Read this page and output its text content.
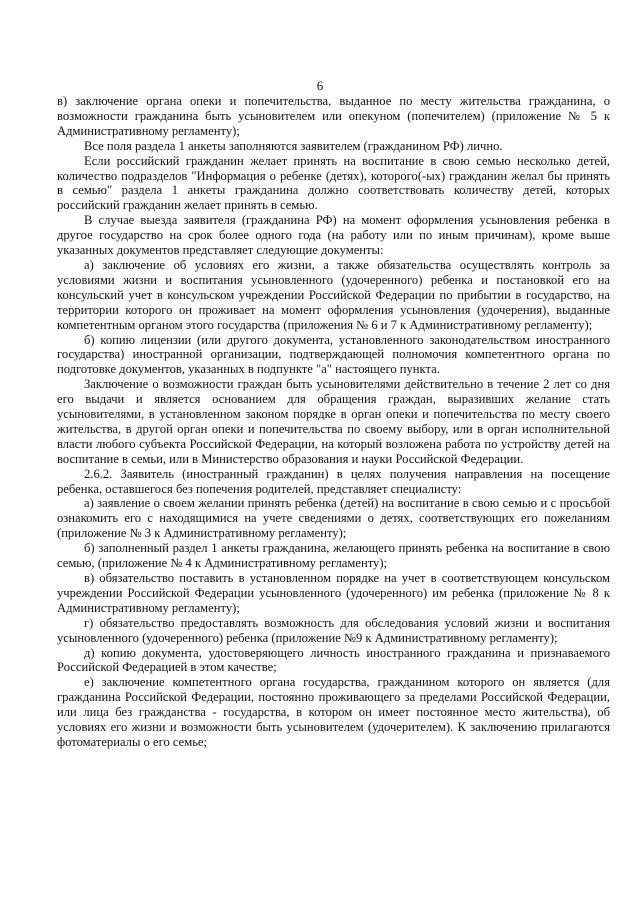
6

в) заключение органа опеки и попечительства, выданное по месту жительства гражданина, о возможности гражданина быть усыновителем или опекуном (попечителем) (приложение № 5 к Административному регламенту);

Все поля раздела 1 анкеты заполняются заявителем (гражданином РФ) лично.

Если российский гражданин желает принять на воспитание в свою семью несколько детей, количество подразделов "Информация о ребенке (детях), которого(-ых) гражданин желал бы принять в семью" раздела 1 анкеты гражданина должно соответствовать количеству детей, которых российский гражданин желает принять в семью.

В случае выезда заявителя (гражданина РФ) на момент оформления усыновления ребенка в другое государство на срок более одного года (на работу или по иным причинам), кроме выше указанных документов представляет следующие документы:

а) заключение об условиях его жизни, а также обязательства осуществлять контроль за условиями жизни и воспитания усыновленного (удочеренного) ребенка и постановкой его на консульский учет в консульском учреждении Российской Федерации по прибытии в государство, на территории которого он проживает на момент оформления усыновления (удочерения), выданные компетентным органом этого государства (приложения № 6 и 7 к Административному регламенту);

б) копию лицензии (или другого документа, установленного законодательством иностранного государства) иностранной организации, подтверждающей полномочия компетентного органа по подготовке документов, указанных в подпункте "а" настоящего пункта.

Заключение о возможности граждан быть усыновителями действительно в течение 2 лет со дня его выдачи и является основанием для обращения граждан, выразивших желание стать усыновителями, в установленном законом порядке в орган опеки и попечительства по месту своего жительства, в другой орган опеки и попечительства по своему выбору, или в орган исполнительной власти любого субъекта Российской Федерации, на который возложена работа по устройству детей на воспитание в семьи, или в Министерство образования и науки Российской Федерации.

2.6.2. Заявитель (иностранный гражданин) в целях получения направления на посещение ребенка, оставшегося без попечения родителей, представляет специалисту:

а) заявление о своем желании принять ребенка (детей) на воспитание в свою семью и с просьбой ознакомить его с находящимися на учете сведениями о детях, соответствующих его пожеланиям (приложение № 3 к Административному регламенту);

б) заполненный раздел 1 анкеты гражданина, желающего принять ребенка на воспитание в свою семью, (приложение № 4 к Административному регламенту);

в) обязательство поставить в установленном порядке на учет в соответствующем консульском учреждении Российской Федерации усыновленного (удочеренного) им ребенка (приложение № 8 к Административному регламенту);

г) обязательство предоставлять возможность для обследования условий жизни и воспитания усыновленного (удочеренного) ребенка (приложение №9 к Административному регламенту);

д) копию документа, удостоверяющего личность иностранного гражданина и признаваемого Российской Федерацией в этом качестве;

е) заключение компетентного органа государства, гражданином которого он является (для гражданина Российской Федерации, постоянно проживающего за пределами Российской Федерации, или лица без гражданства - государства, в котором он имеет постоянное место жительства), об условиях его жизни и возможности быть усыновителем (удочерителем). К заключению прилагаются фотоматериалы о его семье;
